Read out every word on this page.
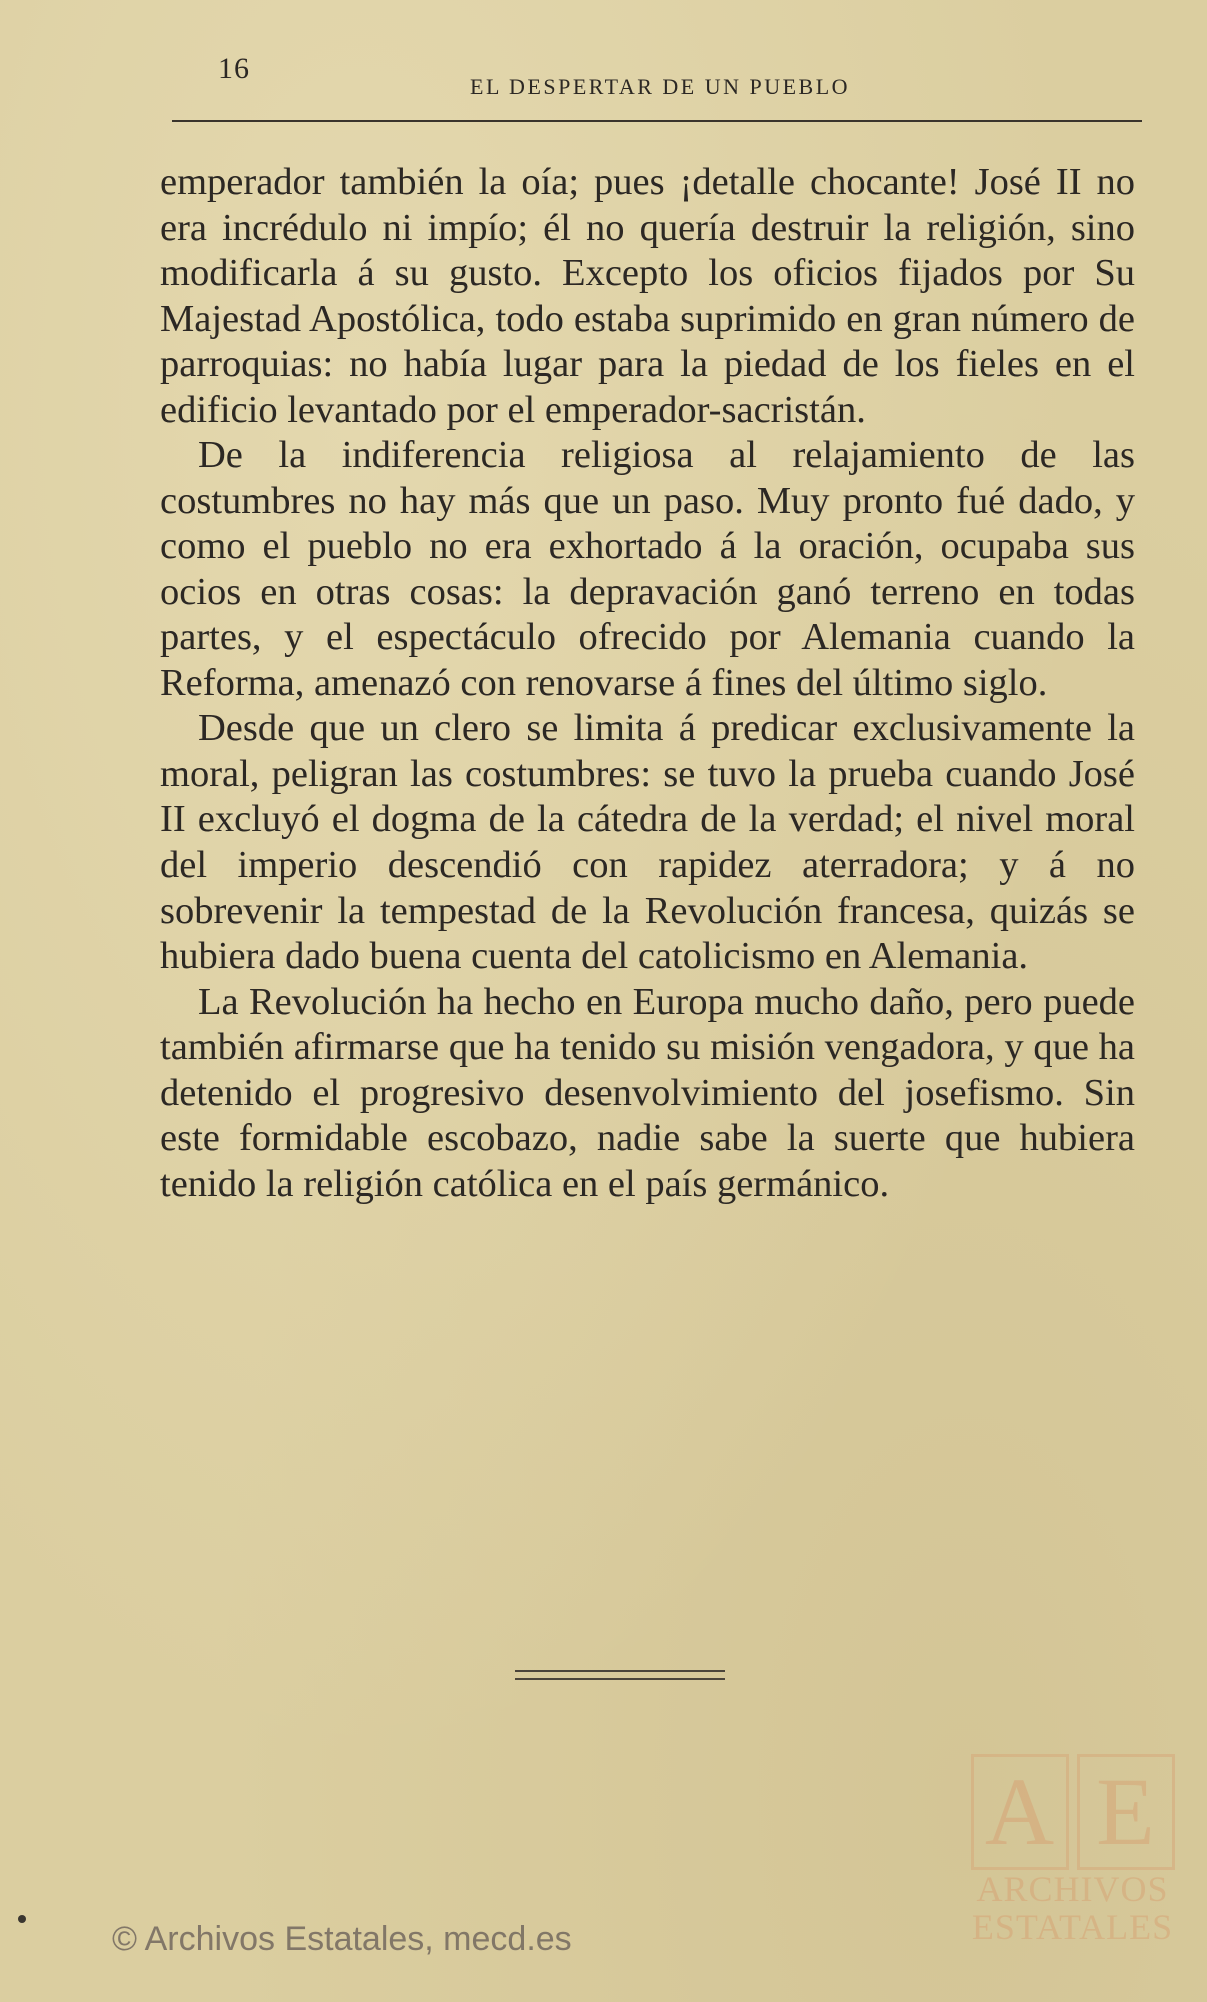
16
EL DESPERTAR DE UN PUEBLO

emperador también la oía; pues ¡detalle chocante! José II no era incrédulo ni impío; él no quería destruir la religión, sino modificarla á su gusto. Excepto los oficios fijados por Su Majestad Apostólica, todo estaba suprimido en gran número de parroquias: no había lugar para la piedad de los fieles en el edificio levantado por el emperador-sacristán.

De la indiferencia religiosa al relajamiento de las costumbres no hay más que un paso. Muy pronto fué dado, y como el pueblo no era exhortado á la oración, ocupaba sus ocios en otras cosas: la depravación ganó terreno en todas partes, y el espectáculo ofrecido por Alemania cuando la Reforma, amenazó con renovarse á fines del último siglo.

Desde que un clero se limita á predicar exclusivamente la moral, peligran las costumbres: se tuvo la prueba cuando José II excluyó el dogma de la cátedra de la verdad; el nivel moral del imperio descendió con rapidez aterradora; y á no sobrevenir la tempestad de la Revolución francesa, quizás se hubiera dado buena cuenta del catolicismo en Alemania.

La Revolución ha hecho en Europa mucho daño, pero puede también afirmarse que ha tenido su misión vengadora, y que ha detenido el progresivo desenvolvimiento del josefismo. Sin este formidable escobazo, nadie sabe la suerte que hubiera tenido la religión católica en el país germánico.

A E
ARCHIVOS
ESTATALES
© Archivos Estatales, mecd.es
